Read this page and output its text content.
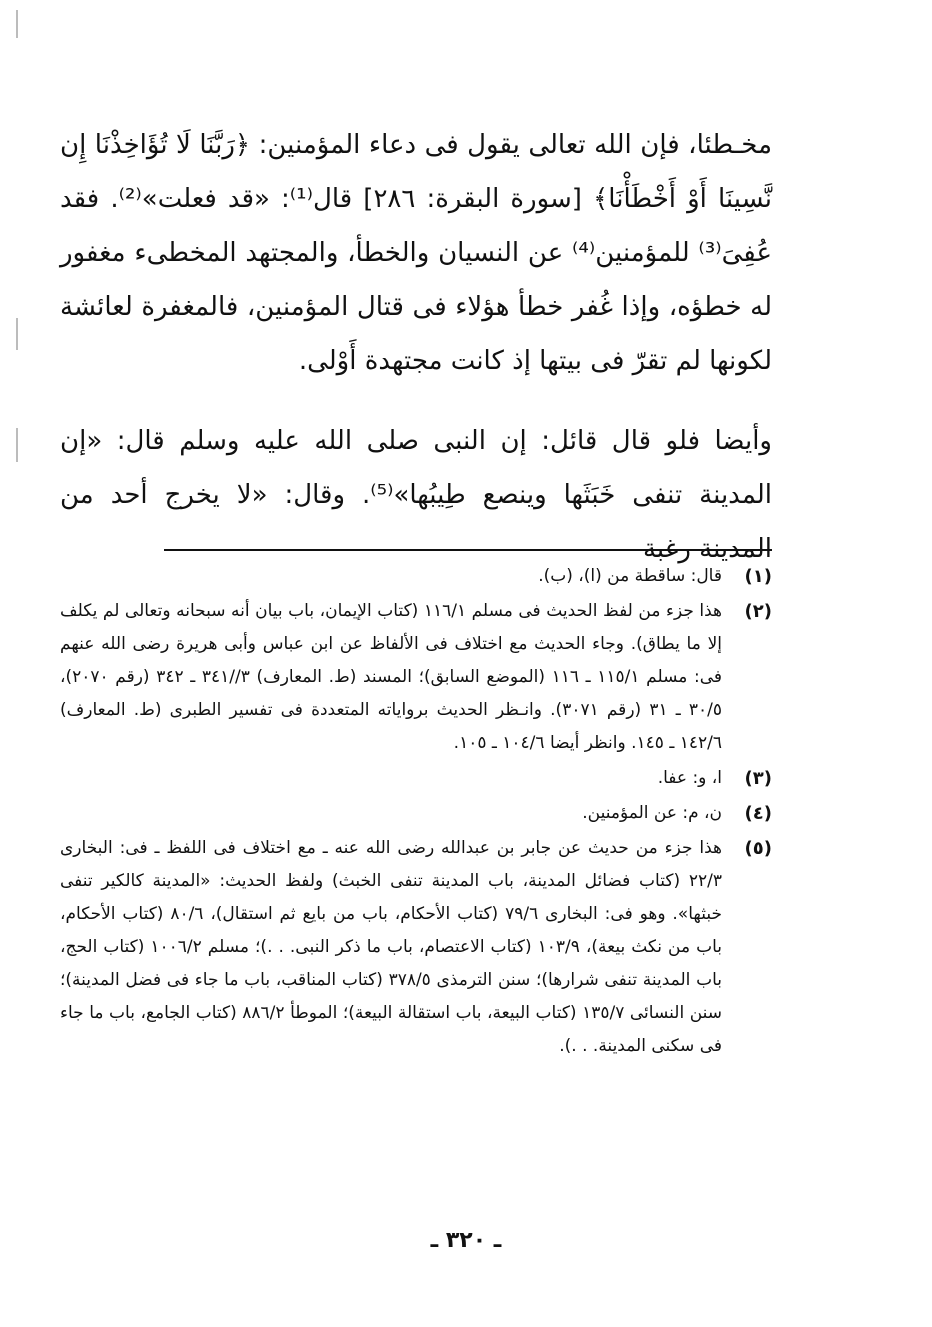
مخـطئا، فإن الله تعالى يقول فى دعاء المؤمنين: ﴿رَبَّنَا لَا تُؤَاخِذْنَا إِن نَّسِينَا أَوْ أَخْطَأْنَا﴾ [سورة البقرة: ٢٨٦] قال⁽¹⁾: «قد فعلت»⁽²⁾. فقد عُفِىَ⁽³⁾ للمؤمنين⁽⁴⁾ عن النسيان والخطأ، والمجتهد المخطىء مغفور له خطؤه، وإذا غُفر خطأ هؤلاء فى قتال المؤمنين، فالمغفرة لعائشة لكونها لم تقرّ فى بيتها إذ كانت مجتهدة أَوْلى.

وأيضا فلو قال قائل: إن النبى صلى الله عليه وسلم قال: «إن المدينة تنفى خَبَثَها وينصع طِيبُها»⁽⁵⁾. وقال: «لا يخرج أحد من المدينة رغبة

(١)
قال: ساقطة من (ا)، (ب).
(٢)
هذا جزء من لفظ الحديث فى مسلم ١١٦/١ (كتاب الإيمان، باب بيان أنه سبحانه وتعالى لم يكلف إلا ما يطاق). وجاء الحديث مع اختلاف فى الألفاظ عن ابن عباس وأبى هريرة رضى الله عنهم فى: مسلم ١١٥/١ ـ ١١٦ (الموضع السابق)؛ المسند (ط. المعارف) ٣//٣٤١ ـ ٣٤٢ (رقم ٢٠٧٠)، ٣٠/٥ ـ ٣١ (رقم ٣٠٧١). وانـظر الحديث برواياته المتعددة فى تفسير الطبرى (ط. المعارف) ١٤٢/٦ ـ ١٤٥. وانظر أيضا ١٠٤/٦ ـ ١٠٥.
(٣)
ا، و: عفا.
(٤)
ن، م: عن المؤمنين.
(٥)
هذا جزء من حديث عن جابر بن عبدالله رضى الله عنه ـ مع اختلاف فى اللفظ ـ فى: البخارى ٢٢/٣ (كتاب فضائل المدينة، باب المدينة تنفى الخبث) ولفظ الحديث: «المدينة كالكير تنفى خبثها». وهو فى: البخارى ٧٩/٦ (كتاب الأحكام، باب من بايع ثم استقال)، ٨٠/٦ (كتاب الأحكام، باب من نكث بيعة)، ١٠٣/٩ (كتاب الاعتصام، باب ما ذكر النبى. . .)؛ مسلم ١٠٠٦/٢ (كتاب الحج، باب المدينة تنفى شرارها)؛ سنن الترمذى ٣٧٨/٥ (كتاب المناقب، باب ما جاء فى فضل المدينة)؛ سنن النسائى ١٣٥/٧ (كتاب البيعة، باب استقالة البيعة)؛ الموطأ ٨٨٦/٢ (كتاب الجامع، باب ما جاء فى سكنى المدينة. . .).
ـ ٣٢٠ ـ
